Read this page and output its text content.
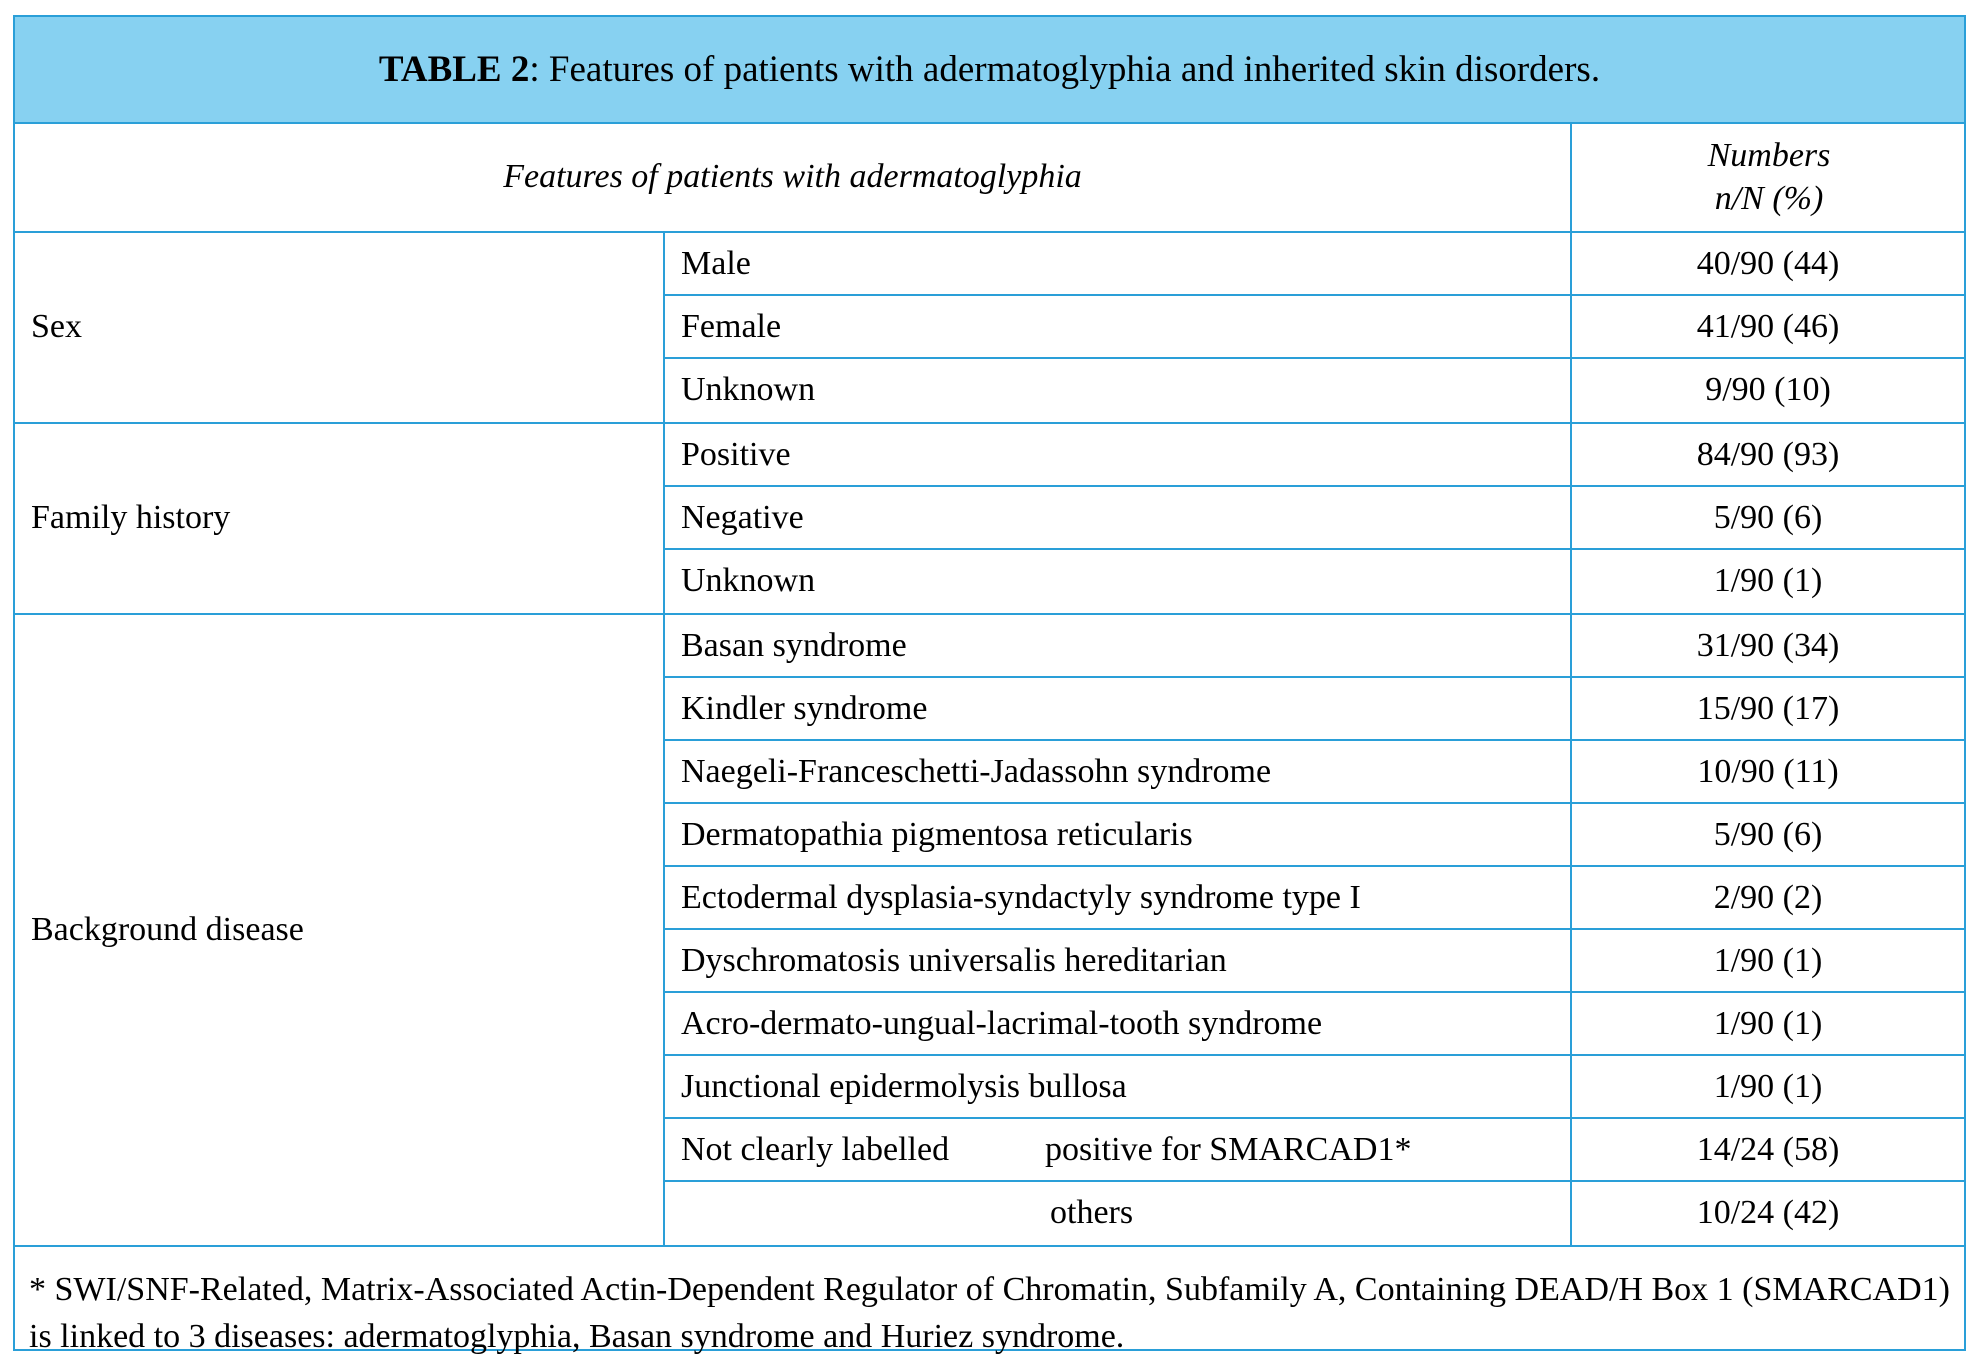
TABLE 2: Features of patients with adermatoglyphia and inherited skin disorders.
Features of patients with adermatoglyphia
Numbers
n/N (%)
* SWI/SNF-Related, Matrix-Associated Actin-Dependent Regulator of Chromatin, Subfamily A, Containing DEAD/H Box 1 (SMARCAD1) is linked to 3 diseases: adermatoglyphia, Basan syndrome and Huriez syndrome.
Sex
Male	40/90 (44)
Female	41/90 (46)
Unknown	9/90 (10)
Family history
Positive	84/90 (93)
Negative	5/90 (6)
Unknown	1/90 (1)
Background disease
Basan syndrome	31/90 (34)
Kindler syndrome	15/90 (17)
Naegeli-Franceschetti-Jadassohn syndrome	10/90 (11)
Dermatopathia pigmentosa reticularis	5/90 (6)
Ectodermal dysplasia-syndactyly syndrome type I	2/90 (2)
Dyschromatosis universalis hereditarian	1/90 (1)
Acro-dermato-ungual-lacrimal-tooth syndrome	1/90 (1)
Junctional epidermolysis bullosa	1/90 (1)
Not clearly labelled	positive for SMARCAD1*	14/24 (58)
others	10/24 (42)
